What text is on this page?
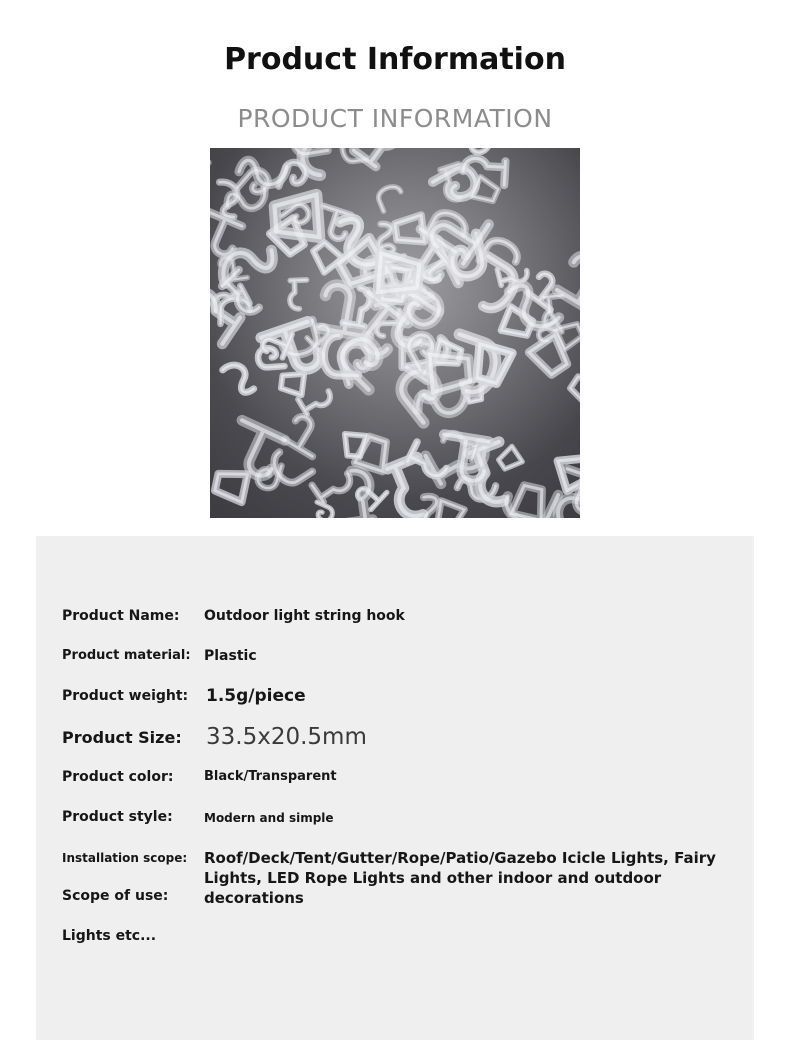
Product Information
PRODUCT INFORMATION
Product Name: Outdoor light string hook
Product material: Plastic
Product weight: 1.5g/piece
Product Size: 33.5x20.5mm
Product color: Black/Transparent
Product style:	Modern and simple
Installation scope: Roof/Deck/Tent/Gutter/Rope/Patio/Gazebo Icicle Lights, Fairy Lights, LED Rope Lights and other indoor and outdoor decorations
Scope of use:
Lights etc...
